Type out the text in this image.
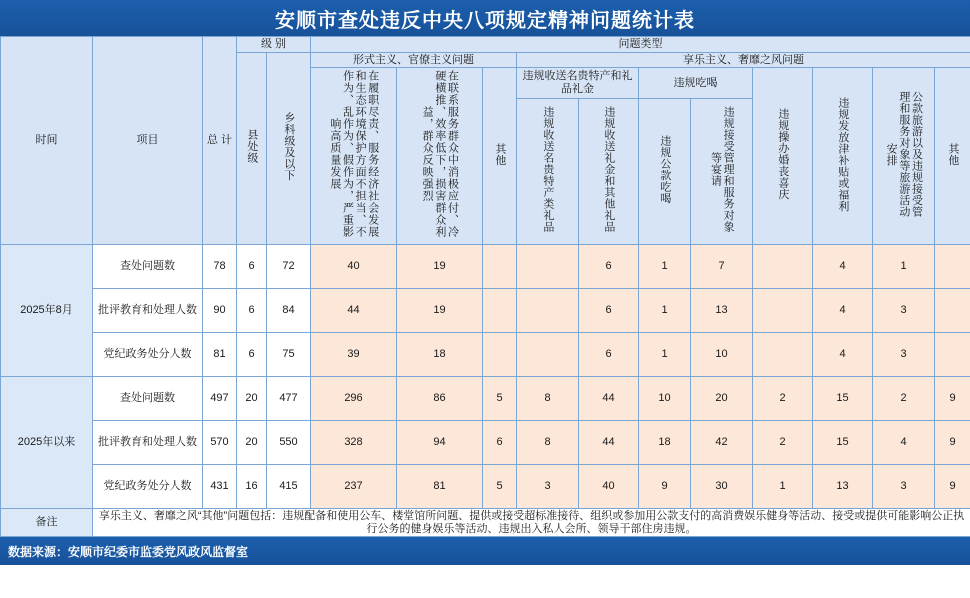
安顺市查处违反中央八项规定精神问题统计表
时间	项目	总 计	级 别		问题类型										
			县处级	乡科级及以下	形式主义、官僚主义问题			享乐主义、奢靡之风问题							
					在履职尽责、服务经济社会发展和生态环境保护方面不担当、不作为、乱作为、假作为，严重影响高质量发展	在联系服务群众中消极应付、冷硬横推、效率低下，损害群众利益，群众反映强烈	其他	违规收送名贵特产和礼品礼金		违规吃喝		违规操办婚丧喜庆	违规发放津补贴或福利	公款旅游以及违规接受管理和服务对象等旅游活动安排	其他
								违规收送名贵特产类礼品	违规收送礼金和其他礼品	违规公款吃喝	违规接受管理和服务对象等宴请				
2025年8月	查处问题数	78	6	72	40	19			6	1	7		4	1	
	批评教育和处理人数	90	6	84	44	19			6	1	13		4	3	
	党纪政务处分人数	81	6	75	39	18			6	1	10		4	3	
2025年以来	查处问题数	497	20	477	296	86	5	8	44	10	20	2	15	2	9
	批评教育和处理人数	570	20	550	328	94	6	8	44	18	42	2	15	4	9
	党纪政务处分人数	431	16	415	237	81	5	3	40	9	30	1	13	3	9
备注	享乐主义、奢靡之风“其他”问题包括：违规配备和使用公车、楼堂馆所问题、提供或接受超标准接待、组织或参加用公款支付的高消费娱乐健身等活动、接受或提供可能影响公正执行公务的健身娱乐等活动、违规出入私人会所、领导干部住房违规。														
数据来源：安顺市纪委市监委党风政风监督室
